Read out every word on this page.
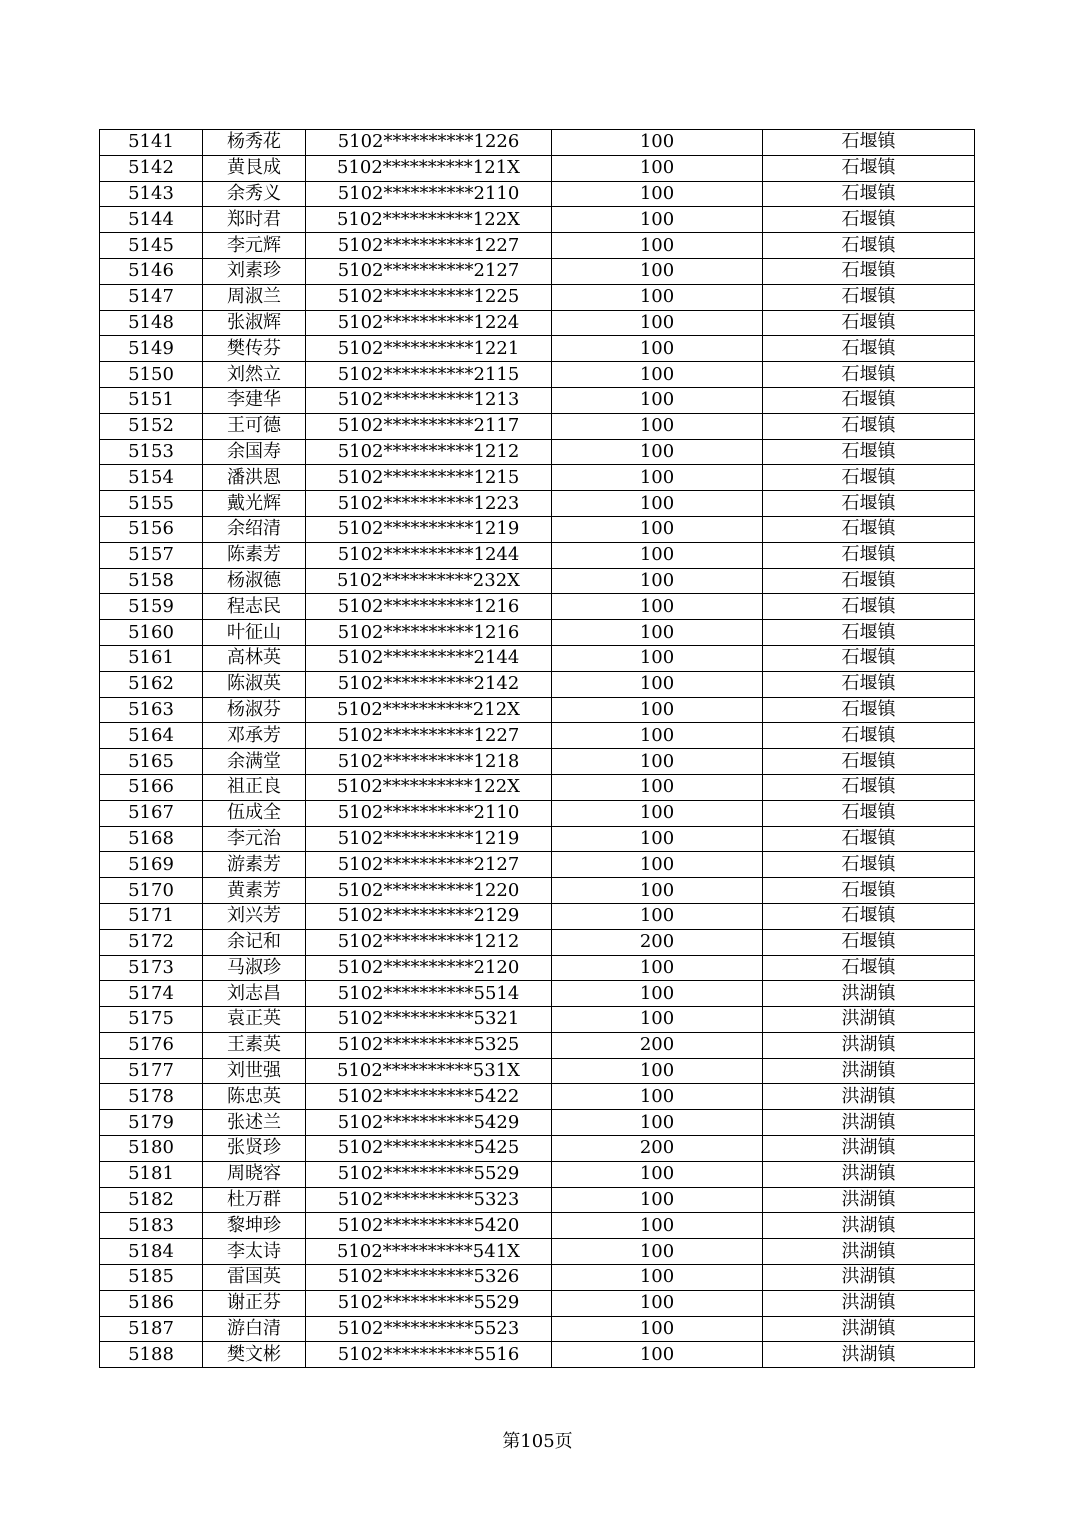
5141	杨秀花	5102**********1226	100	石堰镇
5142	黄艮成	5102**********121X	100	石堰镇
5143	余秀义	5102**********2110	100	石堰镇
5144	郑时君	5102**********122X	100	石堰镇
5145	李元辉	5102**********1227	100	石堰镇
5146	刘素珍	5102**********2127	100	石堰镇
5147	周淑兰	5102**********1225	100	石堰镇
5148	张淑辉	5102**********1224	100	石堰镇
5149	樊传芬	5102**********1221	100	石堰镇
5150	刘然立	5102**********2115	100	石堰镇
5151	李建华	5102**********1213	100	石堰镇
5152	王可德	5102**********2117	100	石堰镇
5153	余国寿	5102**********1212	100	石堰镇
5154	潘洪恩	5102**********1215	100	石堰镇
5155	戴光辉	5102**********1223	100	石堰镇
5156	余绍清	5102**********1219	100	石堰镇
5157	陈素芳	5102**********1244	100	石堰镇
5158	杨淑德	5102**********232X	100	石堰镇
5159	程志民	5102**********1216	100	石堰镇
5160	叶征山	5102**********1216	100	石堰镇
5161	高林英	5102**********2144	100	石堰镇
5162	陈淑英	5102**********2142	100	石堰镇
5163	杨淑芬	5102**********212X	100	石堰镇
5164	邓承芳	5102**********1227	100	石堰镇
5165	余满堂	5102**********1218	100	石堰镇
5166	祖正良	5102**********122X	100	石堰镇
5167	伍成全	5102**********2110	100	石堰镇
5168	李元治	5102**********1219	100	石堰镇
5169	游素芳	5102**********2127	100	石堰镇
5170	黄素芳	5102**********1220	100	石堰镇
5171	刘兴芳	5102**********2129	100	石堰镇
5172	余记和	5102**********1212	200	石堰镇
5173	马淑珍	5102**********2120	100	石堰镇
5174	刘志昌	5102**********5514	100	洪湖镇
5175	袁正英	5102**********5321	100	洪湖镇
5176	王素英	5102**********5325	200	洪湖镇
5177	刘世强	5102**********531X	100	洪湖镇
5178	陈忠英	5102**********5422	100	洪湖镇
5179	张述兰	5102**********5429	100	洪湖镇
5180	张贤珍	5102**********5425	200	洪湖镇
5181	周晓容	5102**********5529	100	洪湖镇
5182	杜万群	5102**********5323	100	洪湖镇
5183	黎坤珍	5102**********5420	100	洪湖镇
5184	李太诗	5102**********541X	100	洪湖镇
5185	雷国英	5102**********5326	100	洪湖镇
5186	谢正芬	5102**********5529	100	洪湖镇
5187	游白清	5102**********5523	100	洪湖镇
5188	樊文彬	5102**********5516	100	洪湖镇
第105页
